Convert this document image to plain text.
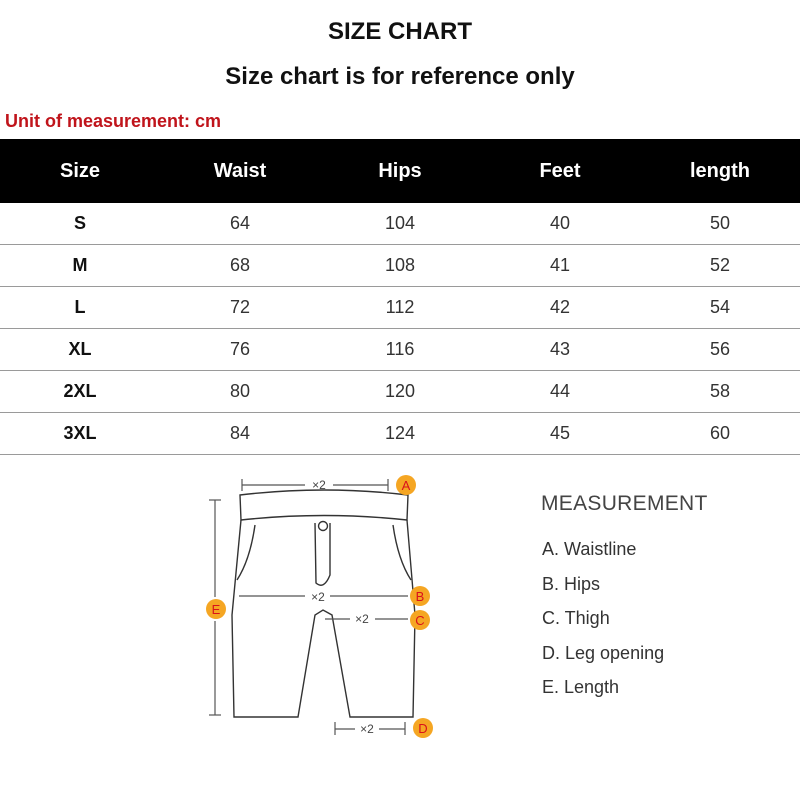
SIZE CHART
Size chart is for reference only
Unit of measurement: cm
Size	Waist	Hips	Feet	length
S	64	104	40	50
M	68	108	41	52
L	72	112	42	54
XL	76	116	43	56
2XL	80	120	44	58
3XL	84	124	45	60
×2	A
×2	B
×2	C
×2	D
E
MEASUREMENT
A. Waistline
B. Hips
C. Thigh
D. Leg opening
E. Length
